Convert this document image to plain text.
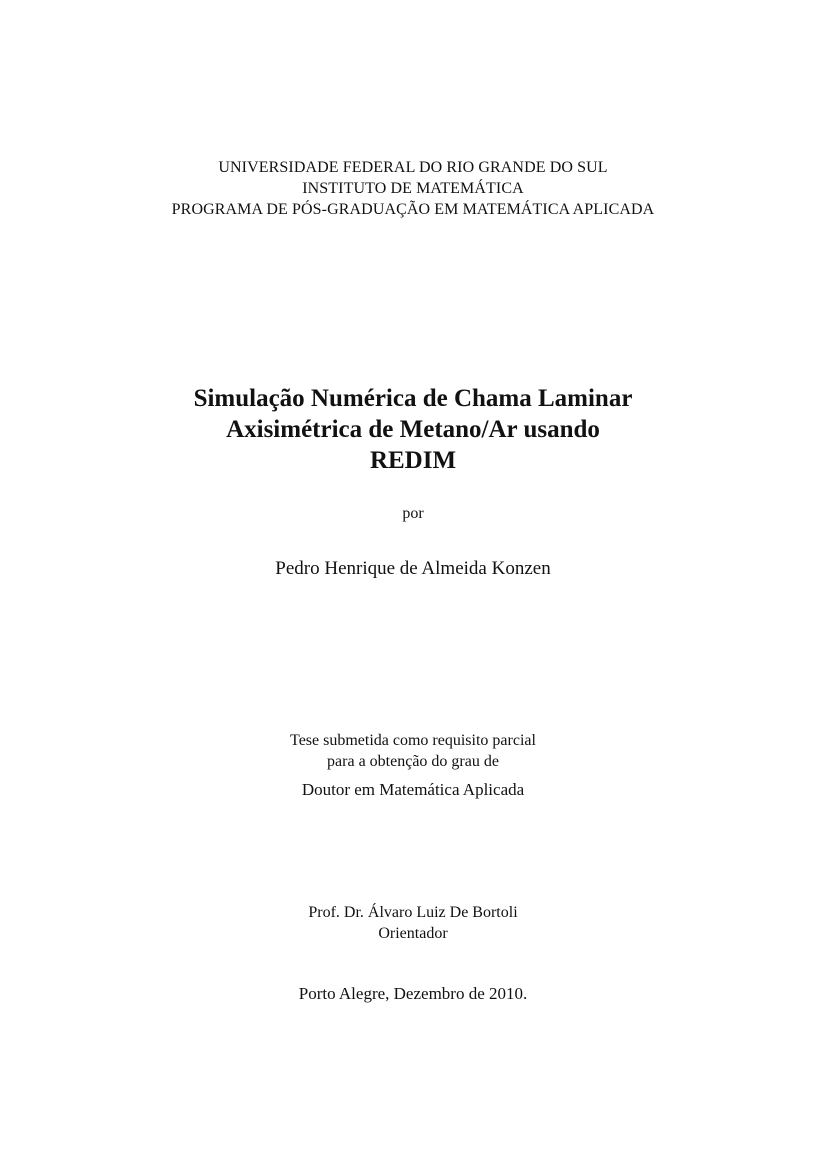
UNIVERSIDADE FEDERAL DO RIO GRANDE DO SUL
INSTITUTO DE MATEMÁTICA
PROGRAMA DE PÓS-GRADUAÇÃO EM MATEMÁTICA APLICADA
Simulação Numérica de Chama Laminar
Axisimétrica de Metano/Ar usando
REDIM
por
Pedro Henrique de Almeida Konzen
Tese submetida como requisito parcial
para a obtenção do grau de
Doutor em Matemática Aplicada
Prof. Dr. Álvaro Luiz De Bortoli
Orientador
Porto Alegre, Dezembro de 2010.
